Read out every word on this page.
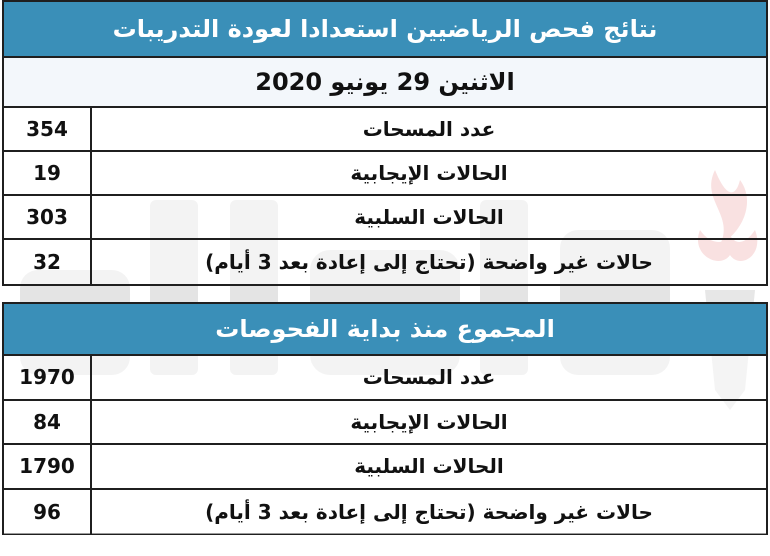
نتائج فحص الرياضيين استعدادا لعودة التدريبات
الاثنين 29 يونيو 2020
عدد المسحات
354
الحالات الإيجابية
19
الحالات السلبية
303
حالات غير واضحة (تحتاج إلى إعادة بعد 3 أيام)
32
المجموع منذ بداية الفحوصات
عدد المسحات
1970
الحالات الإيجابية
84
الحالات السلبية
1790
حالات غير واضحة (تحتاج إلى إعادة بعد 3 أيام)
96
